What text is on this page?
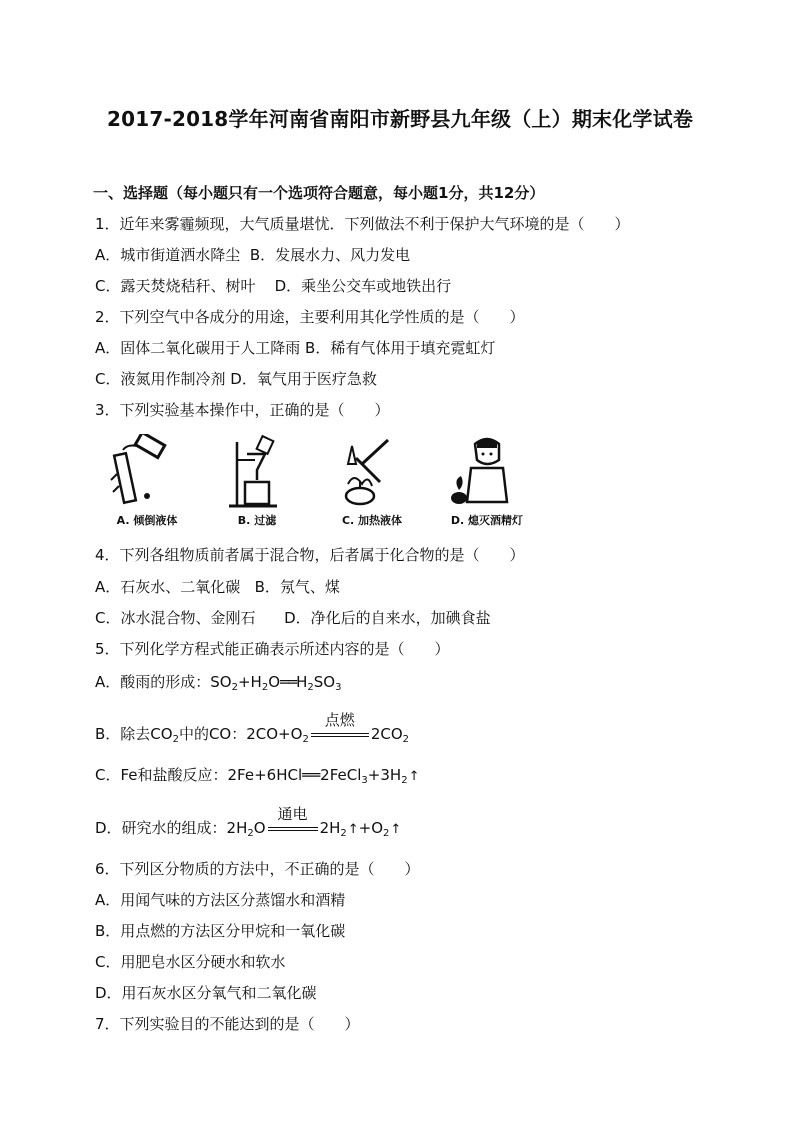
2017-2018学年河南省南阳市新野县九年级（上）期末化学试卷
一、选择题（每小题只有一个选项符合题意，每小题1分，共12分）
1．近年来雾霾频现，大气质量堪忧．下列做法不利于保护大气环境的是（　　）
A．城市街道洒水降尘 B．发展水力、风力发电
C．露天焚烧秸秆、树叶 D．乘坐公交车或地铁出行
2．下列空气中各成分的用途，主要利用其化学性质的是（　　）
A．固体二氧化碳用于人工降雨 B．稀有气体用于填充霓虹灯
C．液氮用作制冷剂 D．氧气用于医疗急救
3．下列实验基本操作中，正确的是（　　）
A. 倾倒液体	B. 过滤	C. 加热液体	D. 熄灭酒精灯
4．下列各组物质前者属于混合物，后者属于化合物的是（　　）
A．石灰水、二氧化碳 B．氖气、煤
C．冰水混合物、金刚石 D．净化后的自来水，加碘食盐
5．下列化学方程式能正确表示所述内容的是（　　）
A．酸雨的形成：$SO_2+H_2O══H_2SO_3$
B．除去$CO_2$中的CO：$2CO+O_2$
点燃
$2CO_2$
C．Fe和盐酸反应：$2Fe+6HCl══2FeCl_3+3H_2↑$
D．研究水的组成：$2H_2O$
通电
$2H_2↑+O_2↑$
6．下列区分物质的方法中，不正确的是（　　）
A．用闻气味的方法区分蒸馏水和酒精
B．用点燃的方法区分甲烷和一氧化碳
C．用肥皂水区分硬水和软水
D．用石灰水区分氧气和二氧化碳
7．下列实验目的不能达到的是（　　）
